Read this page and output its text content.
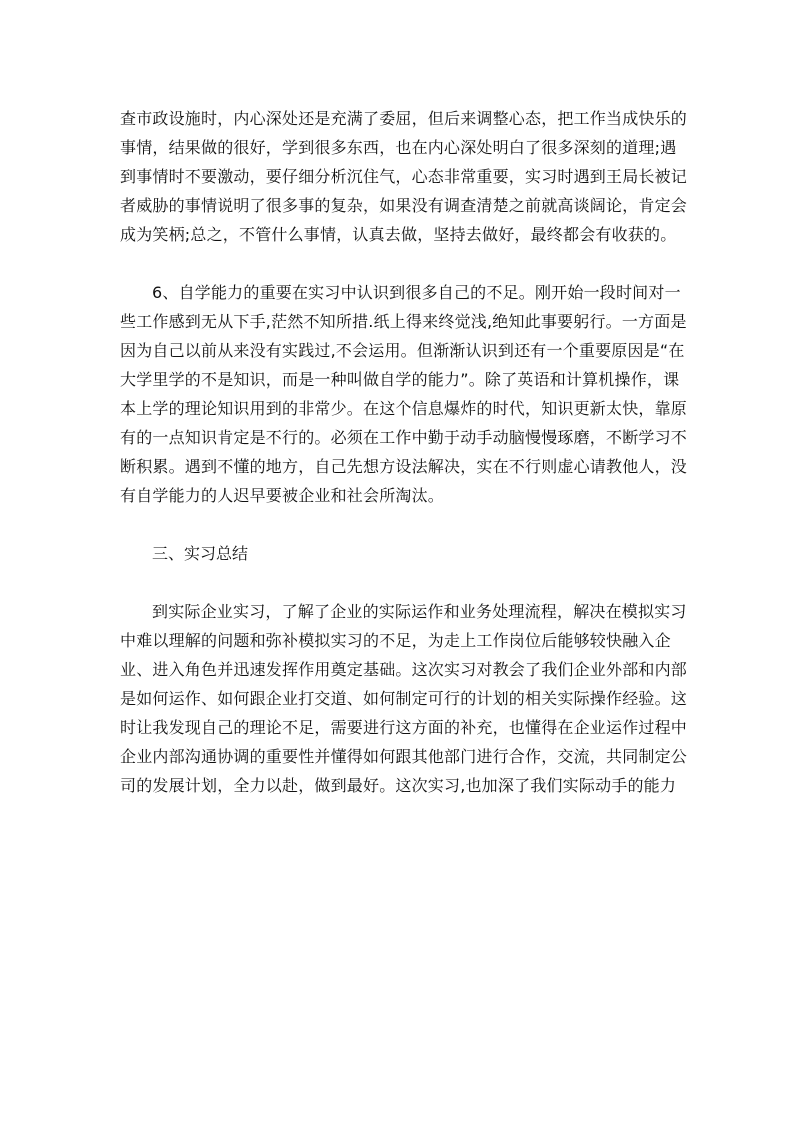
查市政设施时，内心深处还是充满了委屈，但后来调整心态，把工作当成快乐的
事情，结果做的很好，学到很多东西，也在内心深处明白了很多深刻的道理;遇
到事情时不要激动，要仔细分析沉住气，心态非常重要，实习时遇到王局长被记
者威胁的事情说明了很多事的复杂，如果没有调查清楚之前就高谈阔论，肯定会
成为笑柄;总之，不管什么事情，认真去做，坚持去做好，最终都会有收获的。
6、自学能力的重要在实习中认识到很多自己的不足。刚开始一段时间对一
些工作感到无从下手,茫然不知所措.纸上得来终觉浅,绝知此事要躬行。一方面是
因为自己以前从来没有实践过,不会运用。但渐渐认识到还有一个重要原因是“在
大学里学的不是知识，而是一种叫做自学的能力”。除了英语和计算机操作，课
本上学的理论知识用到的非常少。在这个信息爆炸的时代，知识更新太快，靠原
有的一点知识肯定是不行的。必须在工作中勤于动手动脑慢慢琢磨，不断学习不
断积累。遇到不懂的地方，自己先想方设法解决，实在不行则虚心请教他人，没
有自学能力的人迟早要被企业和社会所淘汰。
三、实习总结
到实际企业实习，了解了企业的实际运作和业务处理流程，解决在模拟实习
中难以理解的问题和弥补模拟实习的不足，为走上工作岗位后能够较快融入企
业、进入角色并迅速发挥作用奠定基础。这次实习对教会了我们企业外部和内部
是如何运作、如何跟企业打交道、如何制定可行的计划的相关实际操作经验。这
时让我发现自己的理论不足，需要进行这方面的补充，也懂得在企业运作过程中
企业内部沟通协调的重要性并懂得如何跟其他部门进行合作，交流，共同制定公
司的发展计划，全力以赴，做到最好。这次实习,也加深了我们实际动手的能力
